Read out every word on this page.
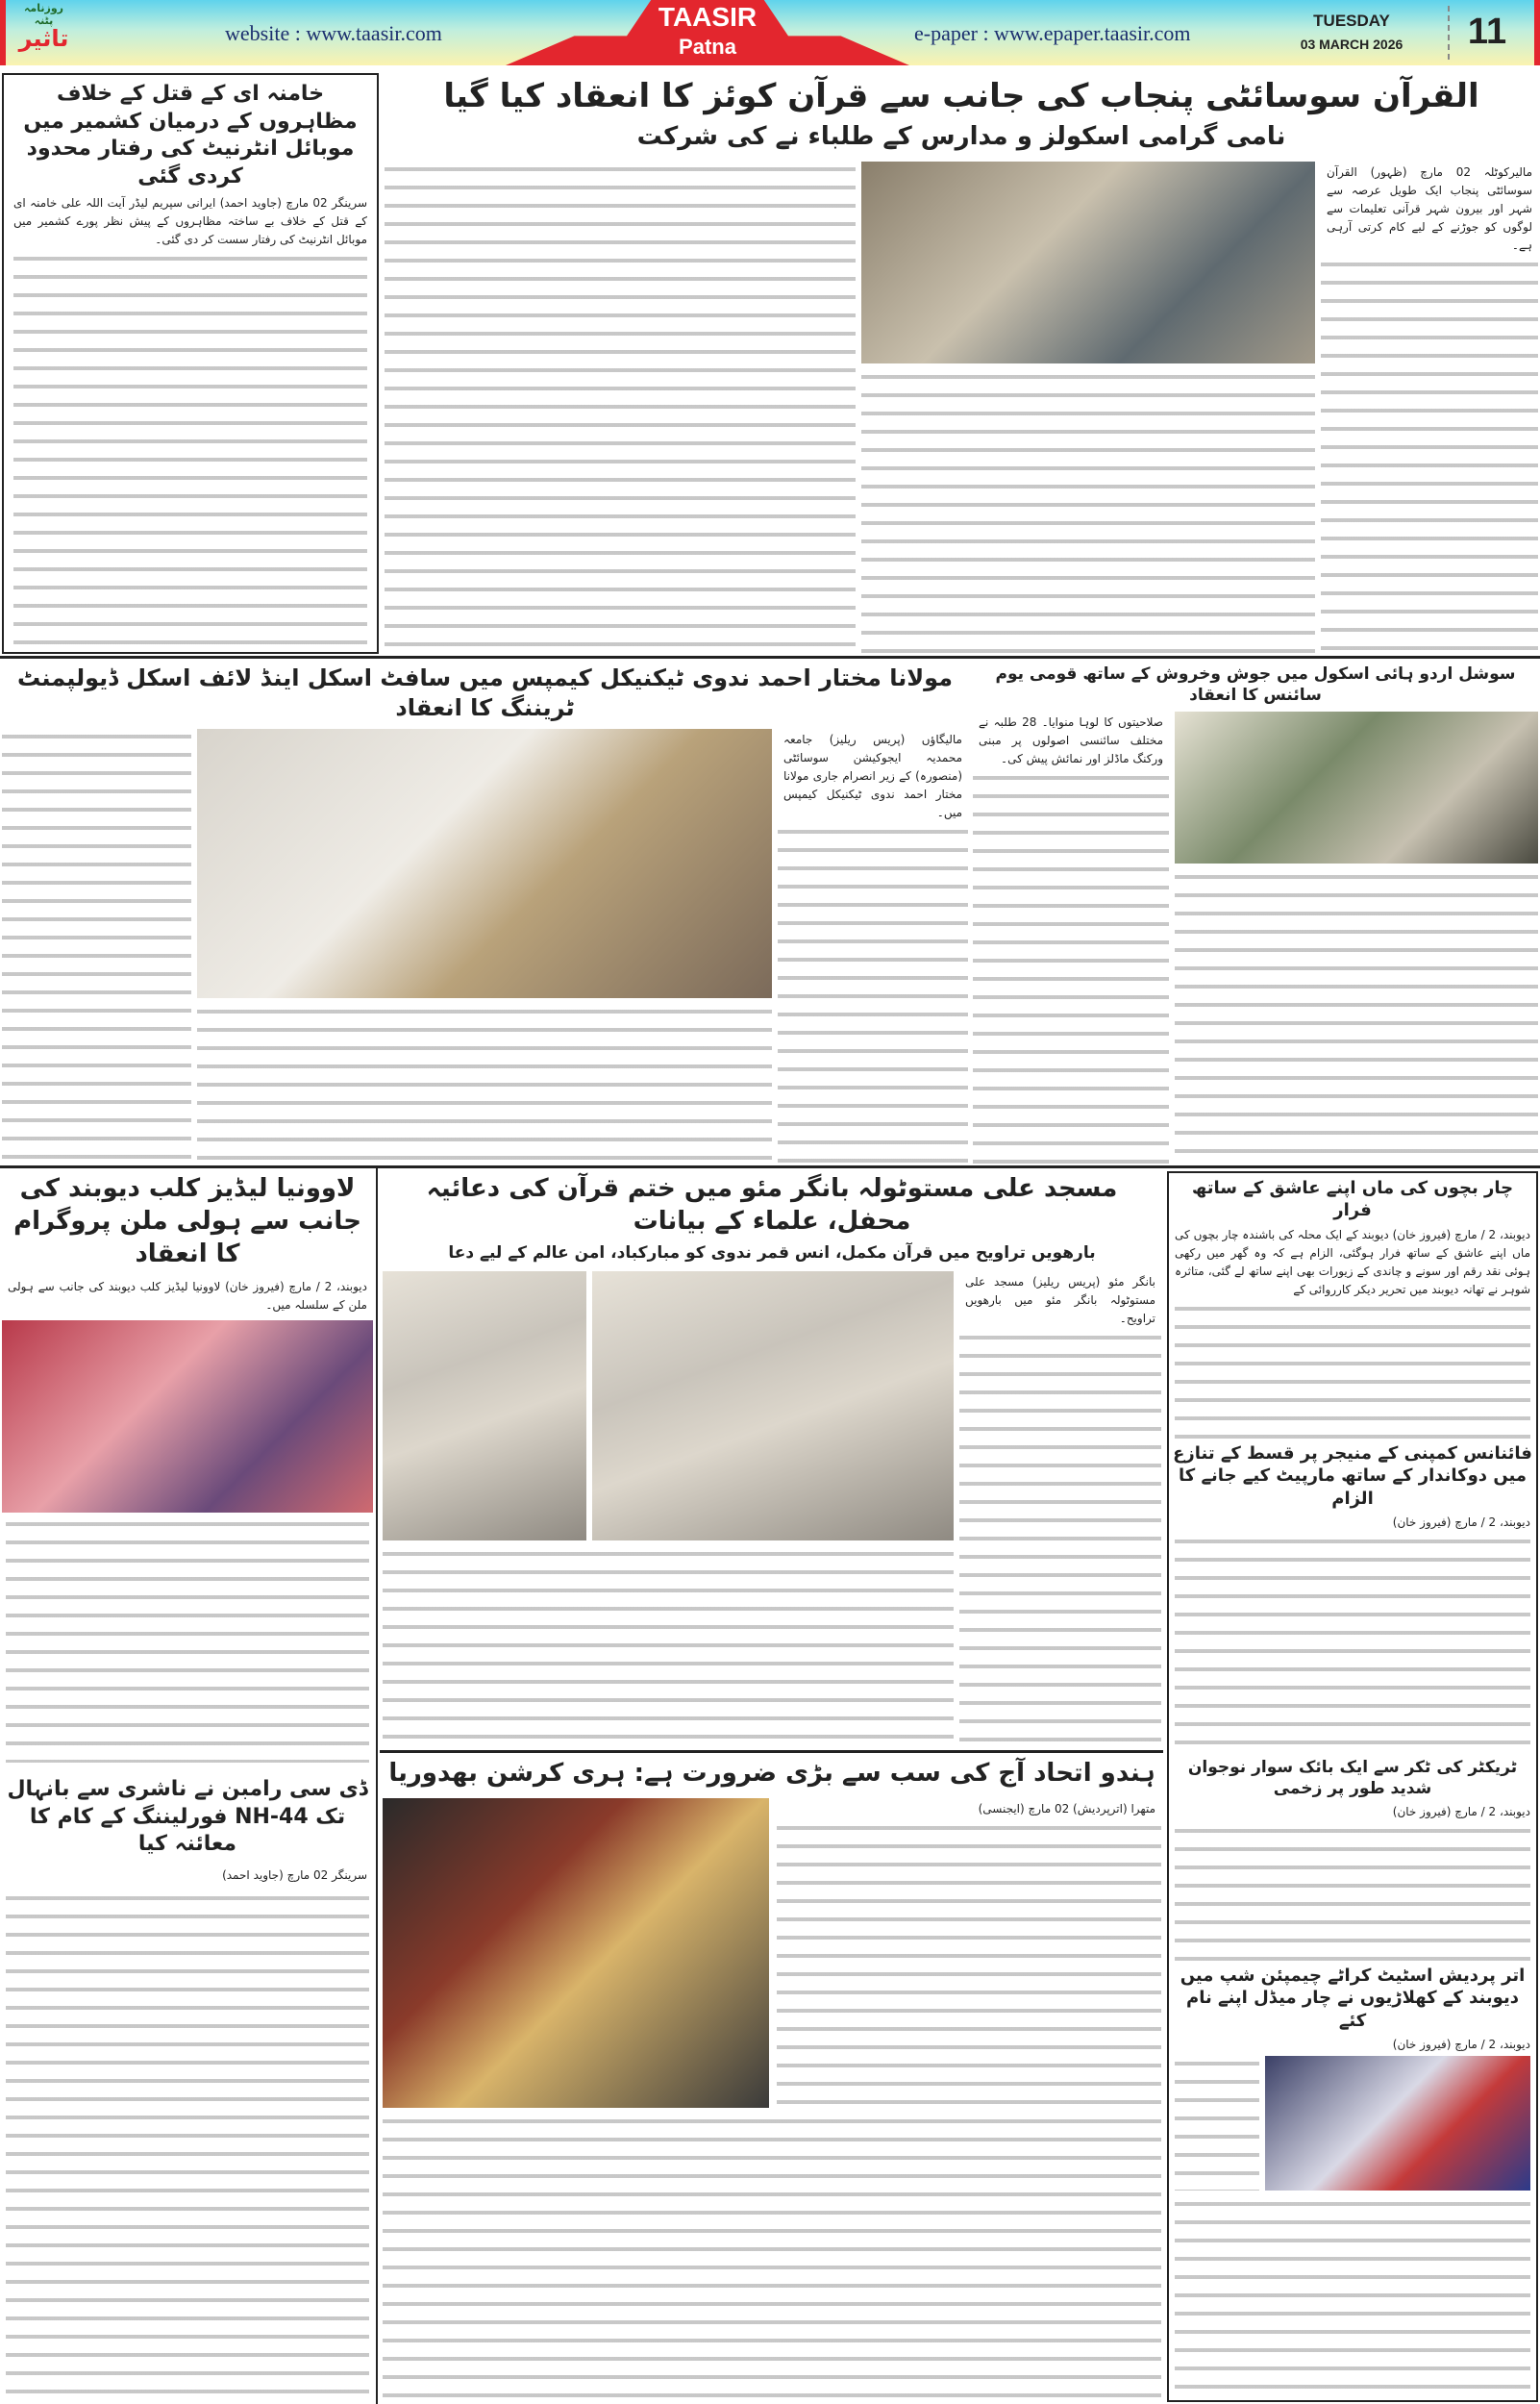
روزنامہ
پٹنہ
تاثیر	website : www.taasir.com
TAASIR
Patna
e-paper : www.epaper.taasir.com
TUESDAY
03 MARCH 2026	11
خامنہ ای کے قتل کے خلاف مظاہروں کے درمیان کشمیر میں موبائل انٹرنیٹ کی رفتار محدود کردی گئی
سرینگر 02 مارچ (جاوید احمد) ایرانی سپریم لیڈر آیت اللہ علی خامنہ ای کے قتل کے خلاف بے ساختہ مظاہروں کے پیش نظر پورے کشمیر میں موبائل انٹرنیٹ کی رفتار سست کر دی گئی۔
القرآن سوسائٹی پنجاب کی جانب سے قرآن کوئز کا انعقاد کیا گیا
نامی گرامی اسکولز و مدارس کے طلباء نے کی شرکت
مالیرکوٹلہ 02 مارچ (ظہور) القرآن سوسائٹی پنجاب ایک طویل عرصہ سے شہر اور بیرون شہر قرآنی تعلیمات سے لوگوں کو جوڑنے کے لیے کام کرتی آرہی ہے۔
مولانا مختار احمد ندوی ٹیکنیکل کیمپس میں سافٹ اسکل اینڈ لائف اسکل ڈیولپمنٹ ٹریننگ کا انعقاد
مالیگاؤں (پریس ریلیز) جامعہ محمدیہ ایجوکیشن سوسائٹی (منصورہ) کے زیر انصرام جاری مولانا مختار احمد ندوی ٹیکنیکل کیمپس میں۔
سوشل اردو ہائی اسکول میں جوش وخروش کے ساتھ قومی یوم سائنس کا انعقاد
صلاحیتوں کا لوہا منوایا۔ 28 طلبہ نے مختلف سائنسی اصولوں پر مبنی ورکنگ ماڈلز اور نمائش پیش کی۔
لاوونیا لیڈیز کلب دیوبند کی جانب سے ہولی ملن پروگرام کا انعقاد
دیوبند، 2 / مارچ (فیروز خان) لاوونیا لیڈیز کلب دیوبند کی جانب سے ہولی ملن کے سلسلہ میں۔
ڈی سی رامبن نے ناشری سے بانہال تک NH-44 فورلیننگ کے کام کا معائنہ کیا
سرینگر 02 مارچ (جاوید احمد)
مسجد علی مستوٹولہ بانگر مئو میں ختم قرآن کی دعائیہ محفل، علماء کے بیانات
بارھویں تراویح میں قرآن مکمل، انس قمر ندوی کو مبارکباد، امن عالم کے لیے دعا
بانگر مئو (پریس ریلیز) مسجد علی مستوٹولہ بانگر مئو میں بارھویں تراویح۔
ہندو اتحاد آج کی سب سے بڑی ضرورت ہے: ہری کرشن بھدوریا
متھرا (اترپردیش) 02 مارچ (ایجنسی)
چار بچوں کی ماں اپنے عاشق کے ساتھ فرار
دیوبند، 2 / مارچ (فیروز خان) دیوبند کے ایک محلہ کی باشندہ چار بچوں کی ماں اپنے عاشق کے ساتھ فرار ہوگئی، الزام ہے کہ وہ گھر میں رکھی ہوئی نقد رقم اور سونے و چاندی کے زیورات بھی اپنے ساتھ لے گئی، متاثرہ شوہر نے تھانہ دیوبند میں تحریر دیکر کارروائی کے
فائنانس کمپنی کے منیجر پر قسط کے تنازع میں دوکاندار کے ساتھ مارپیٹ کیے جانے کا الزام
دیوبند، 2 / مارچ (فیروز خان)
ٹریکٹر کی ٹکر سے ایک بائک سوار نوجوان شدید طور پر زخمی
دیوبند، 2 / مارچ (فیروز خان)
اتر پردیش اسٹیٹ کراٹے چیمپئن شپ میں دیوبند کے کھلاڑیوں نے چار میڈل اپنے نام کئے
دیوبند، 2 / مارچ (فیروز خان)
